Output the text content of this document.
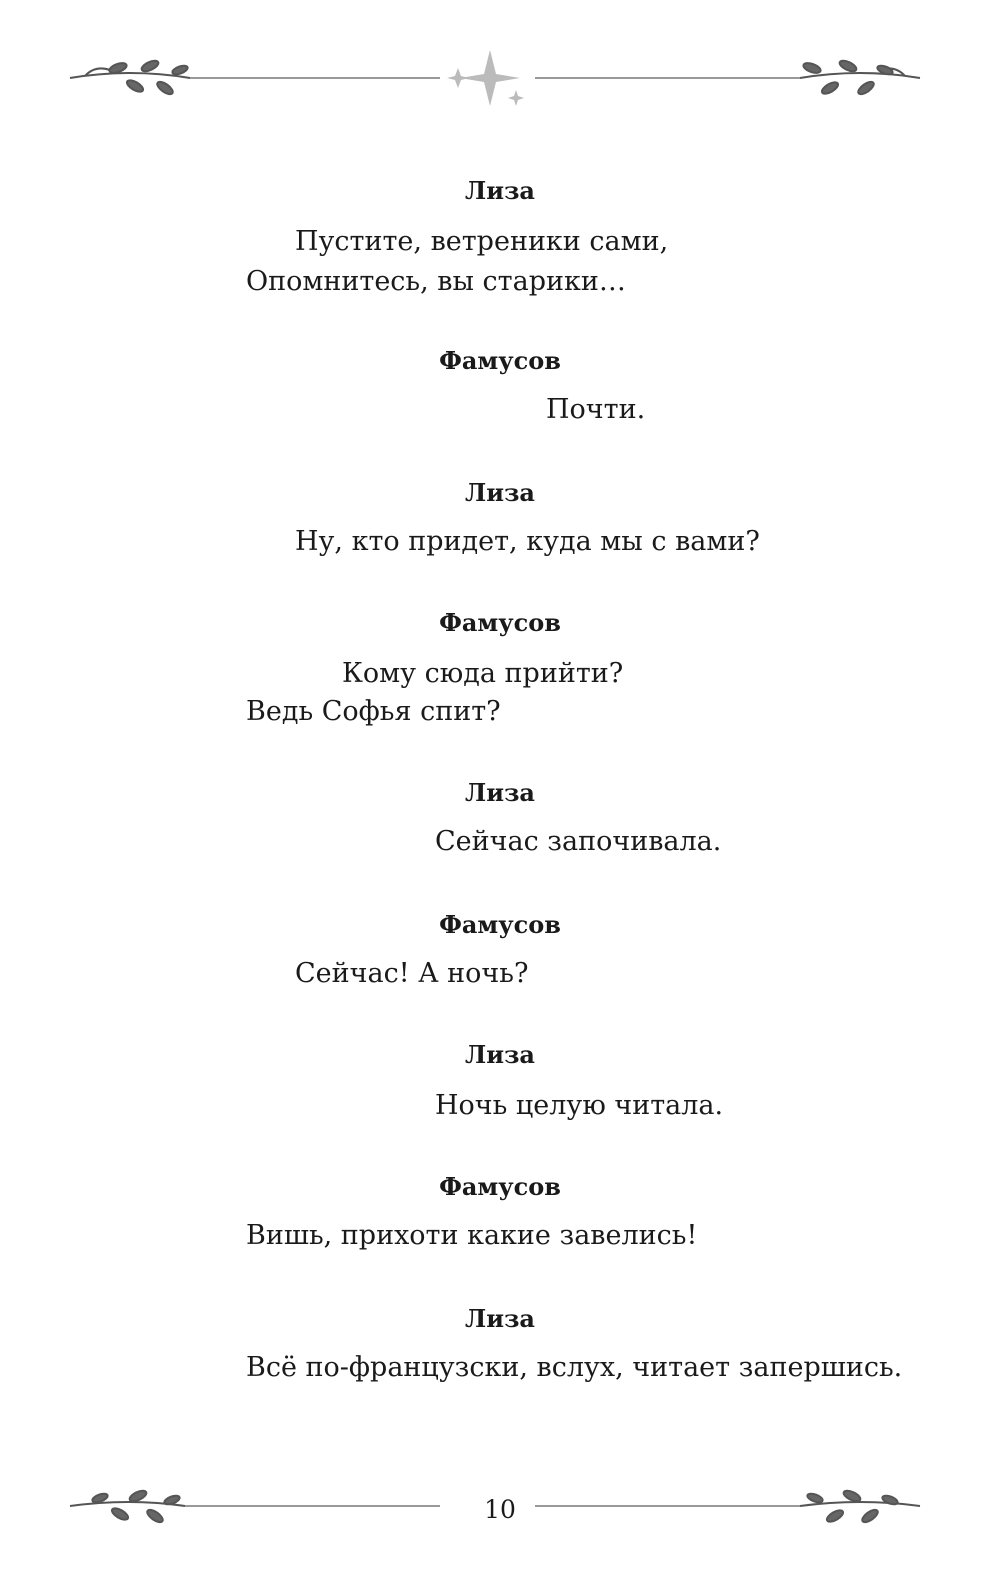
Лиза
Пустите, ветреники сами,
Опомнитесь, вы старики…
Фамусов
Почти.
Лиза
Ну, кто придет, куда мы с вами?
Фамусов
Кому сюда прийти?
Ведь Софья спит?
Лиза
Сейчас започивала.
Фамусов
Сейчас! А ночь?
Лиза
Ночь целую читала.
Фамусов
Вишь, прихоти какие завелись!
Лиза
Всё по-французски, вслух, читает запершись.
10
